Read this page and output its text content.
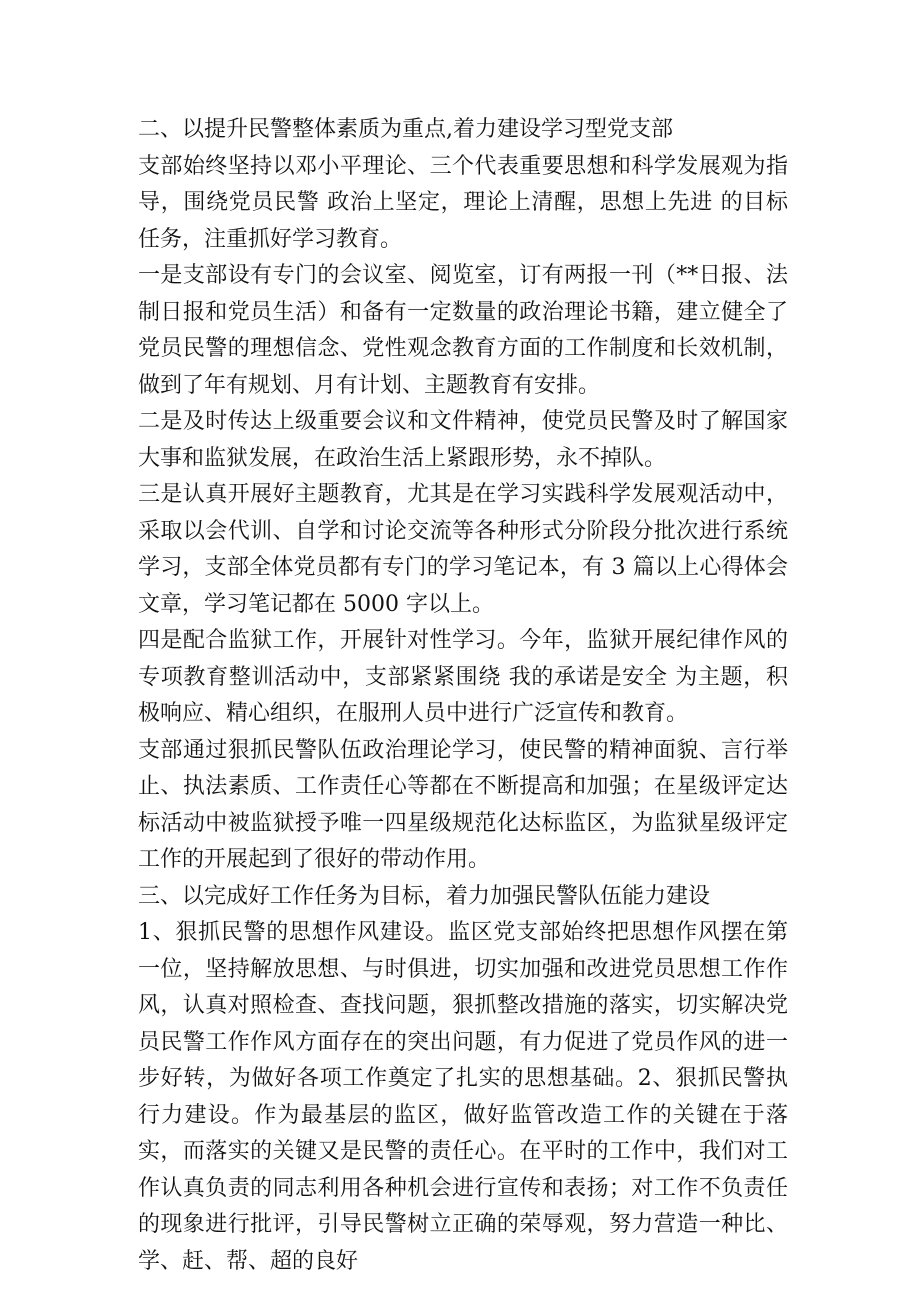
二、以提升民警整体素质为重点,着力建设学习型党支部

支部始终坚持以邓小平理论、三个代表重要思想和科学发展观为指导，围绕党员民警 政治上坚定，理论上清醒，思想上先进 的目标任务，注重抓好学习教育。

一是支部设有专门的会议室、阅览室，订有两报一刊（**日报、法制日报和党员生活）和备有一定数量的政治理论书籍，建立健全了党员民警的理想信念、党性观念教育方面的工作制度和长效机制，做到了年有规划、月有计划、主题教育有安排。

二是及时传达上级重要会议和文件精神，使党员民警及时了解国家大事和监狱发展，在政治生活上紧跟形势，永不掉队。

三是认真开展好主题教育，尤其是在学习实践科学发展观活动中，采取以会代训、自学和讨论交流等各种形式分阶段分批次进行系统学习，支部全体党员都有专门的学习笔记本，有 3 篇以上心得体会文章，学习笔记都在 5000 字以上。

四是配合监狱工作，开展针对性学习。今年，监狱开展纪律作风的专项教育整训活动中，支部紧紧围绕 我的承诺是安全 为主题，积极响应、精心组织，在服刑人员中进行广泛宣传和教育。

支部通过狠抓民警队伍政治理论学习，使民警的精神面貌、言行举止、执法素质、工作责任心等都在不断提高和加强；在星级评定达标活动中被监狱授予唯一四星级规范化达标监区，为监狱星级评定工作的开展起到了很好的带动作用。

三、以完成好工作任务为目标，着力加强民警队伍能力建设

1、狠抓民警的思想作风建设。监区党支部始终把思想作风摆在第一位，坚持解放思想、与时俱进，切实加强和改进党员思想工作作风，认真对照检查、查找问题，狠抓整改措施的落实，切实解决党员民警工作作风方面存在的突出问题，有力促进了党员作风的进一步好转，为做好各项工作奠定了扎实的思想基础。2、狠抓民警执行力建设。作为最基层的监区，做好监管改造工作的关键在于落实，而落实的关键又是民警的责任心。在平时的工作中，我们对工作认真负责的同志利用各种机会进行宣传和表扬；对工作不负责任的现象进行批评，引导民警树立正确的荣辱观，努力营造一种比、学、赶、帮、超的良好
